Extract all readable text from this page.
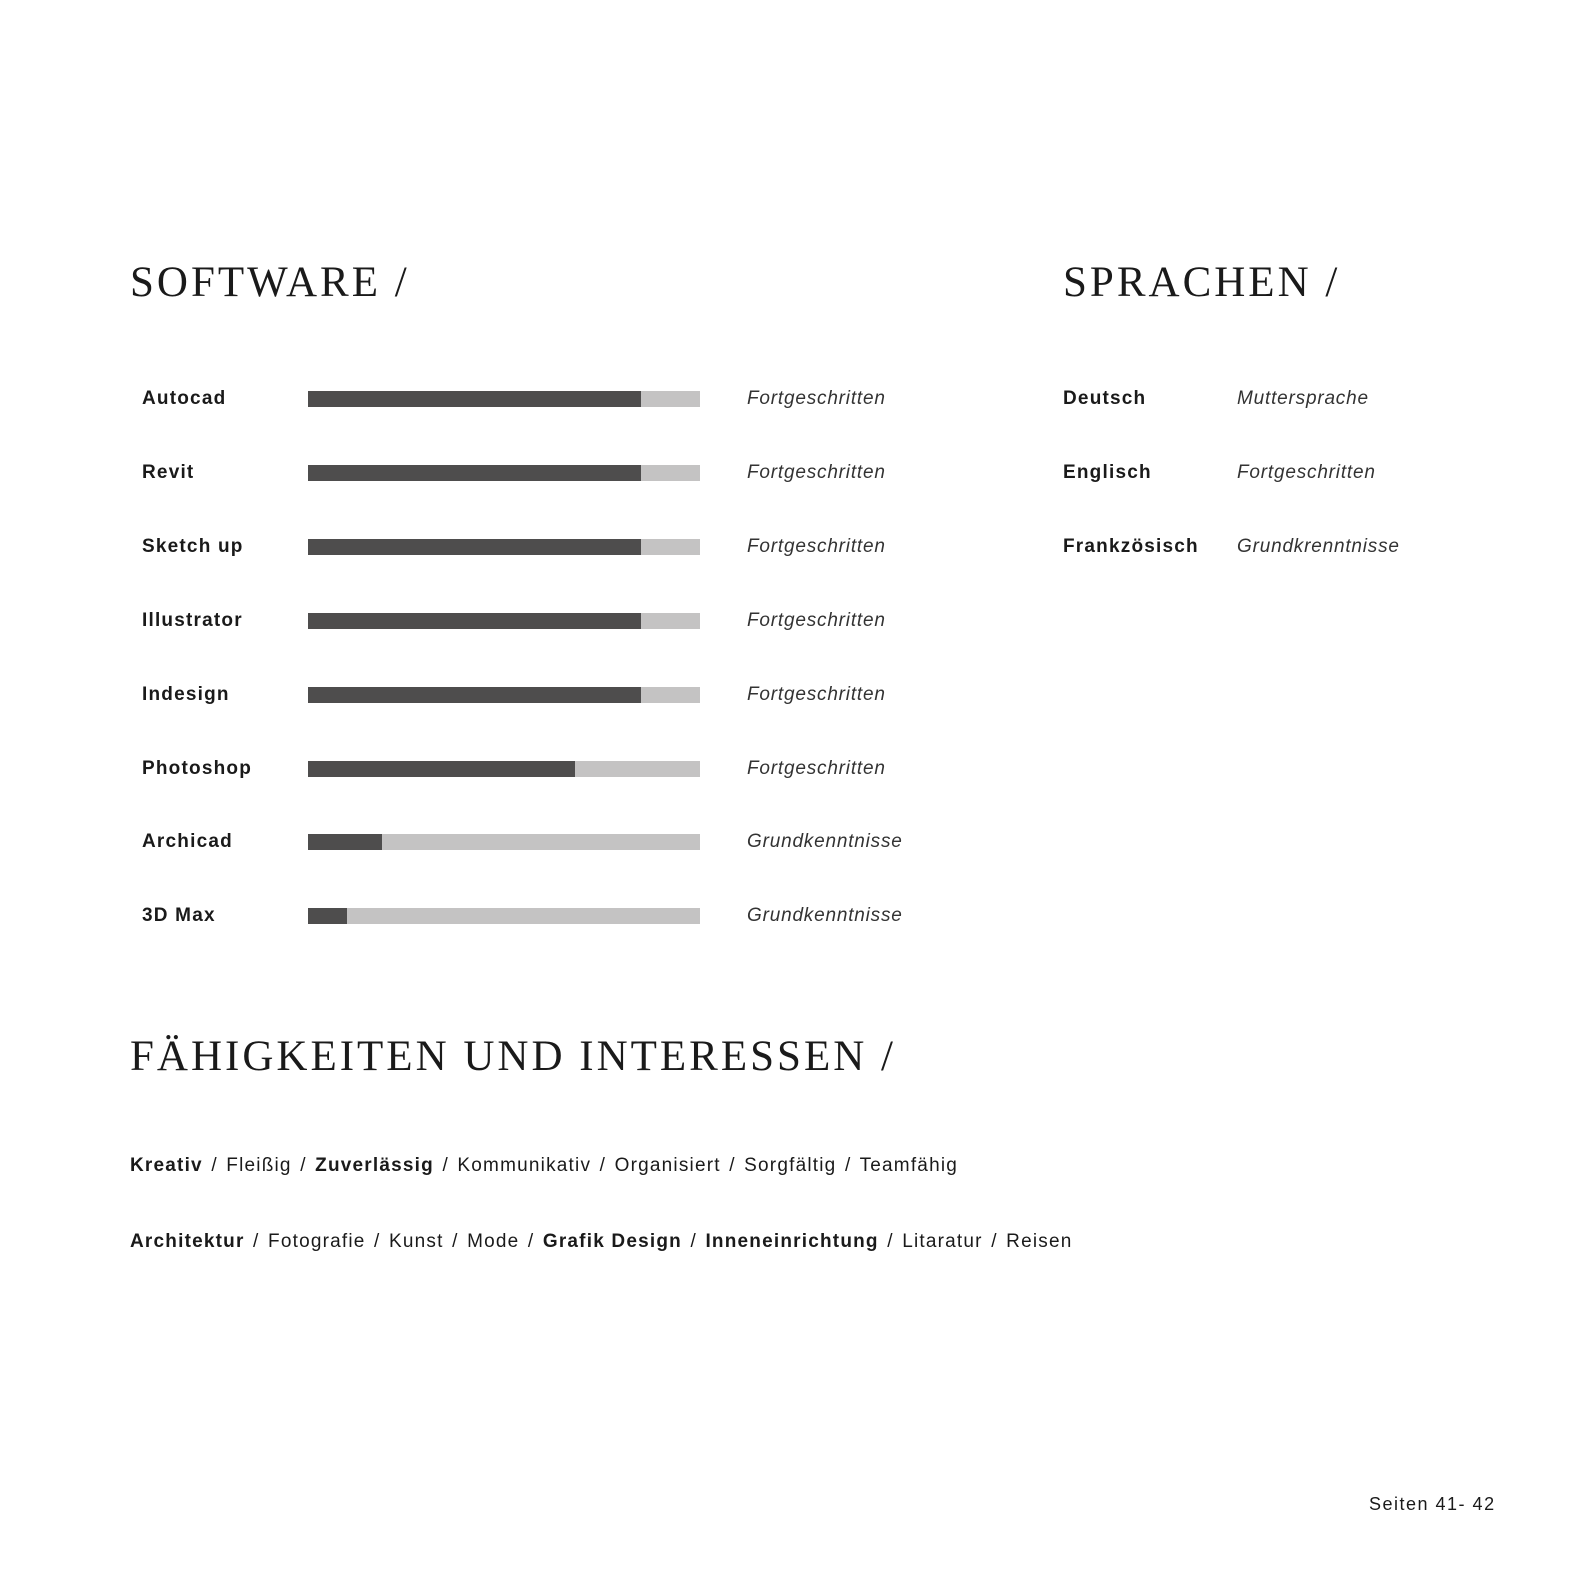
SOFTWARE /	SPRACHEN /
Autocad	Fortgeschritten
Revit	Fortgeschritten
Sketch up	Fortgeschritten
Illustrator	Fortgeschritten
Indesign	Fortgeschritten
Photoshop	Fortgeschritten
Archicad	Grundkenntnisse
3D Max	Grundkenntnisse
Deutsch	Muttersprache
Englisch	Fortgeschritten
Frankzösisch Grundkrenntnisse
FÄHIGKEITEN UND INTERESSEN /
Kreativ / Fleißig / Zuverlässig / Kommunikativ / Organisiert / Sorgfältig / Teamfähig
Architektur / Fotografie / Kunst / Mode / Grafik Design / Inneneinrichtung / Litaratur / Reisen
Seiten 41- 42
